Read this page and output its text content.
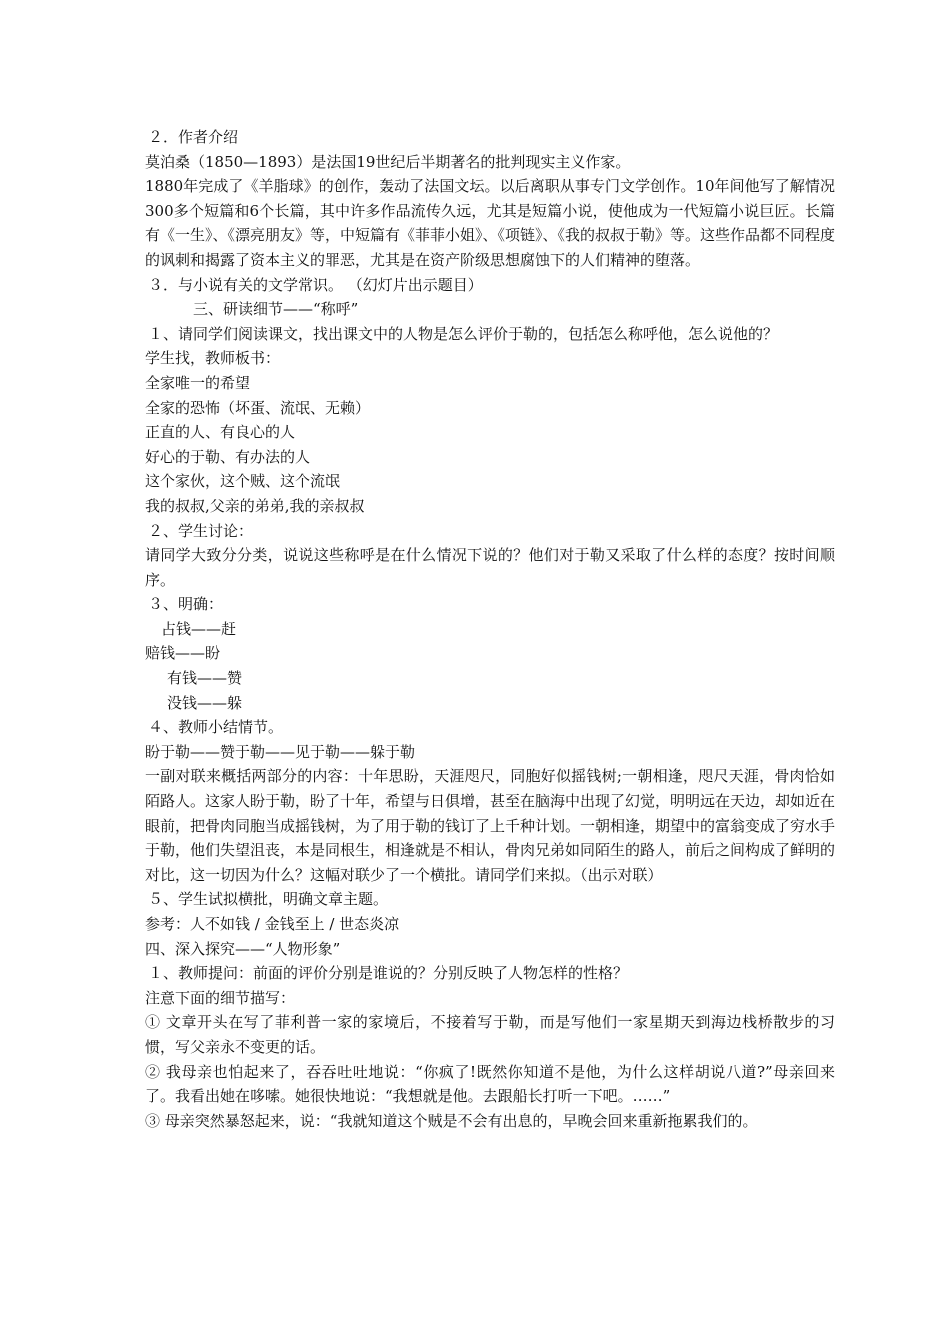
２．作者介绍

莫泊桑（1850—1893）是法国19世纪后半期著名的批判现实主义作家。

1880年完成了《羊脂球》的创作，轰动了法国文坛。以后离职从事专门文学创作。10年间他写了解情况300多个短篇和6个长篇，其中许多作品流传久远，尤其是短篇小说，使他成为一代短篇小说巨匠。长篇有《一生》、《漂亮朋友》等，中短篇有《菲菲小姐》、《项链》、《我的叔叔于勒》等。这些作品都不同程度的讽刺和揭露了资本主义的罪恶，尤其是在资产阶级思想腐蚀下的人们精神的堕落。

３．与小说有关的文学常识。 （幻灯片出示题目）

三、研读细节——“称呼”

１、请同学们阅读课文，找出课文中的人物是怎么评价于勒的，包括怎么称呼他，怎么说他的？

学生找，教师板书：

全家唯一的希望

全家的恐怖（坏蛋、流氓、无赖）

正直的人、有良心的人

好心的于勒、有办法的人

这个家伙，这个贼、这个流氓

我的叔叔,父亲的弟弟,我的亲叔叔

２、学生讨论：

请同学大致分分类，说说这些称呼是在什么情况下说的？他们对于勒又采取了什么样的态度？按时间顺序。

３、明确：

占钱——赶

赔钱——盼

有钱——赞

没钱——躲

４、教师小结情节。

盼于勒——赞于勒——见于勒——躲于勒

一副对联来概括两部分的内容：十年思盼，天涯咫尺，同胞好似摇钱树;一朝相逢，咫尺天涯，骨肉恰如陌路人。这家人盼于勒，盼了十年，希望与日俱增，甚至在脑海中出现了幻觉，明明远在天边，却如近在眼前，把骨肉同胞当成摇钱树，为了用于勒的钱订了上千种计划。一朝相逢，期望中的富翁变成了穷水手于勒，他们失望沮丧，本是同根生，相逢就是不相认，骨肉兄弟如同陌生的路人，前后之间构成了鲜明的对比，这一切因为什么？这幅对联少了一个横批。请同学们来拟。（出示对联）

５、学生试拟横批，明确文章主题。

参考：人不如钱 / 金钱至上 / 世态炎凉

四、深入探究——“人物形象”

１、教师提问：前面的评价分别是谁说的？分别反映了人物怎样的性格？

注意下面的细节描写：

① 文章开头在写了菲利普一家的家境后，不接着写于勒，而是写他们一家星期天到海边栈桥散步的习惯，写父亲永不变更的话。

② 我母亲也怕起来了，吞吞吐吐地说：“你疯了!既然你知道不是他，为什么这样胡说八道?”母亲回来了。我看出她在哆嗦。她很快地说：“我想就是他。去跟船长打听一下吧。……”

③ 母亲突然暴怒起来，说：“我就知道这个贼是不会有出息的，早晚会回来重新拖累我们的。
